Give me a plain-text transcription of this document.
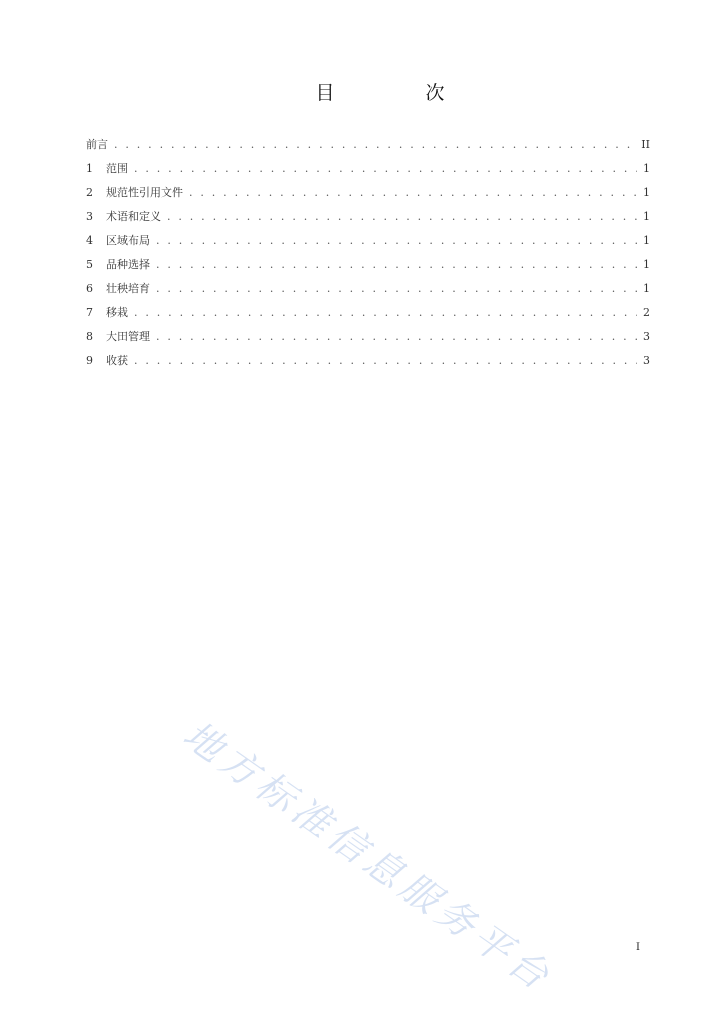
目　次
前言 . . .	II
1	范围 . . .	1
2	规范性引用文件 . . .	1
3	术语和定义 . . .	1
4	区域布局 . . .	1
5	品种选择 . . .	1
6	壮秧培育 . . .	1
7	移栽 . . .	2
8	大田管理 . . .	3
9	收获 . . .	3
地方标准信息服务平台	I
